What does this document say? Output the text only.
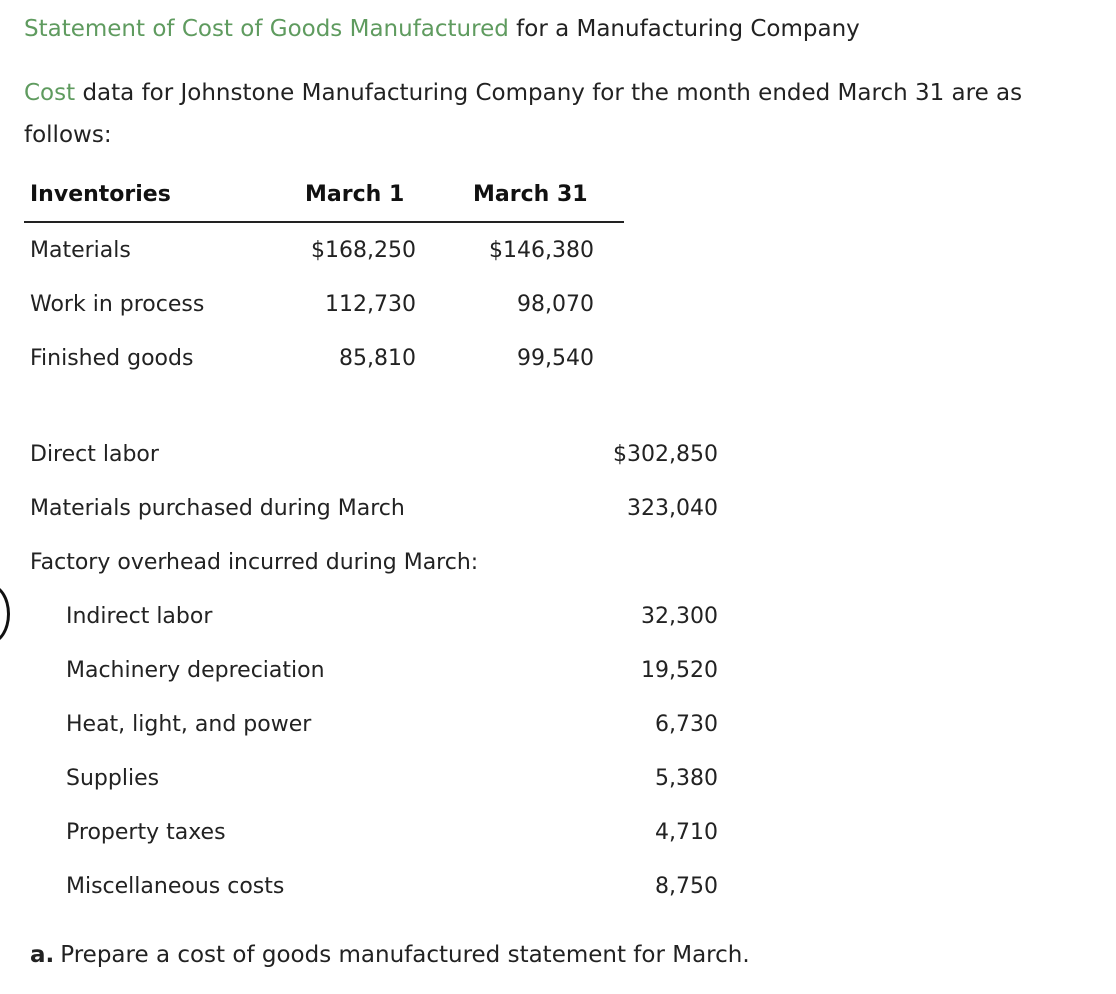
Statement of Cost of Goods Manufactured for a Manufacturing Company
Cost data for Johnstone Manufacturing Company for the month ended March 31 are as
follows:
Inventories	March 1	March 31
Materials	$168,250	$146,380
Work in process	112,730	98,070
Finished goods	85,810	99,540
Direct labor	$302,850
Materials purchased during March	323,040
Factory overhead incurred during March:
Indirect labor	32,300
Machinery depreciation	19,520
Heat, light, and power	6,730
Supplies	5,380
Property taxes	4,710
Miscellaneous costs	8,750
a. Prepare a cost of goods manufactured statement for March.
